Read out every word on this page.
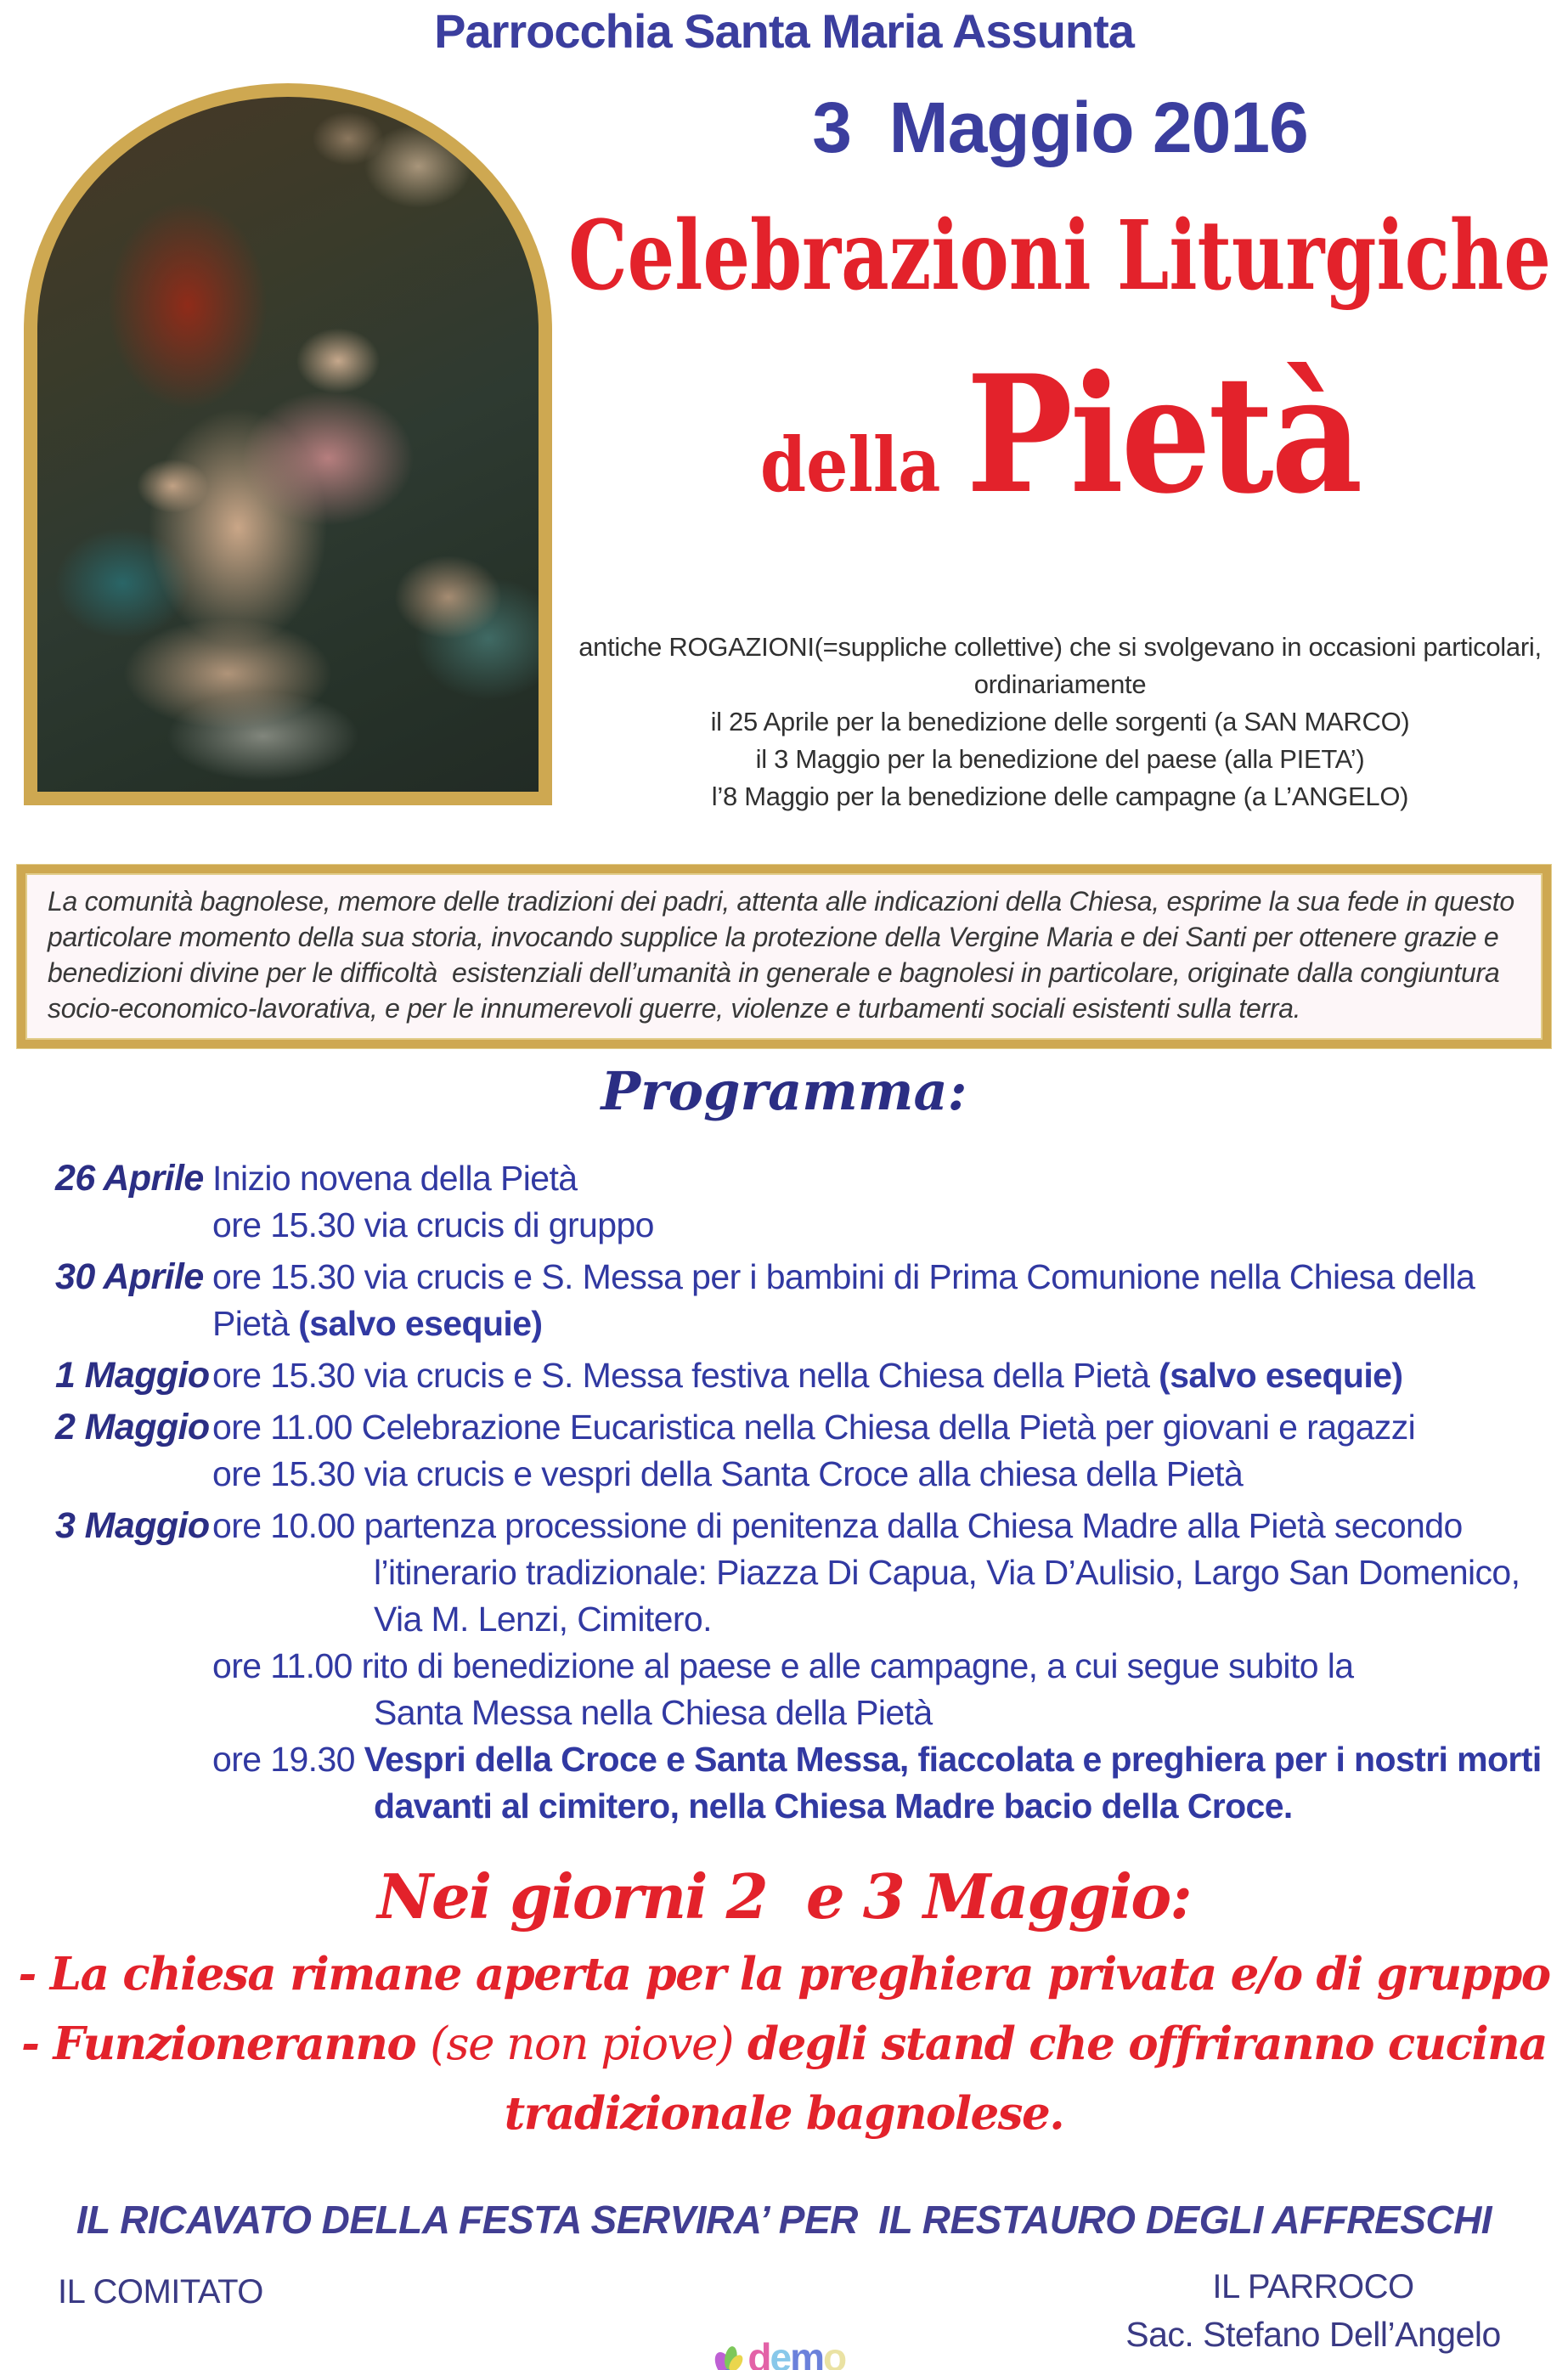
Parrocchia Santa Maria Assunta
3  Maggio 2016
Celebrazioni Liturgiche
della Pietà
antiche ROGAZIONI(=suppliche collettive) che si svolgevano in occasioni particolari,
ordinariamente
il 25 Aprile per la benedizione delle sorgenti (a SAN MARCO)
il 3 Maggio per la benedizione del paese (alla PIETA’)
l’8 Maggio per la benedizione delle campagne (a L’ANGELO)

La comunità bagnolese, memore delle tradizioni dei padri, attenta alle indicazioni della Chiesa, esprime la sua fede in questo particolare momento della sua storia, invocando supplice la protezione della Vergine Maria e dei Santi per ottenere grazie e benedizioni divine per le difficoltà  esistenziali dell’umanità in generale e bagnolesi in particolare, originate dalla congiuntura socio-economico-lavorativa, e per le innumerevoli guerre, violenze e turbamenti sociali esistenti sulla terra.

Programma:
26 Aprile Inizio novena della Pietà
ore 15.30 via crucis di gruppo
30 Aprile ore 15.30 via crucis e S. Messa per i bambini di Prima Comunione nella Chiesa della
Pietà (salvo esequie)
1 Maggio ore 15.30 via crucis e S. Messa festiva nella Chiesa della Pietà (salvo esequie)
2 Maggio ore 11.00 Celebrazione Eucaristica nella Chiesa della Pietà per giovani e ragazzi
ore 15.30 via crucis e vespri della Santa Croce alla chiesa della Pietà
3 Maggio ore 10.00 partenza processione di penitenza dalla Chiesa Madre alla Pietà secondo
l’itinerario tradizionale: Piazza Di Capua, Via D’Aulisio, Largo San Domenico,
Via M. Lenzi, Cimitero.
ore 11.00 rito di benedizione al paese e alle campagne, a cui segue subito la
Santa Messa nella Chiesa della Pietà
ore 19.30 Vespri della Croce e Santa Messa, fiaccolata e preghiera per i nostri morti
davanti al cimitero, nella Chiesa Madre bacio della Croce.
Nei giorni 2  e 3 Maggio:
- La chiesa rimane aperta per la preghiera privata e/o di gruppo
- Funzioneranno (se non piove) degli stand che offriranno cucina
tradizionale bagnolese.
IL RICAVATO DELLA FESTA SERVIRA’ PER  IL RESTAURO DEGLI AFFRESCHI
IL COMITATO	IL PARROCO
Sac. Stefano Dell’Angelo
demo
